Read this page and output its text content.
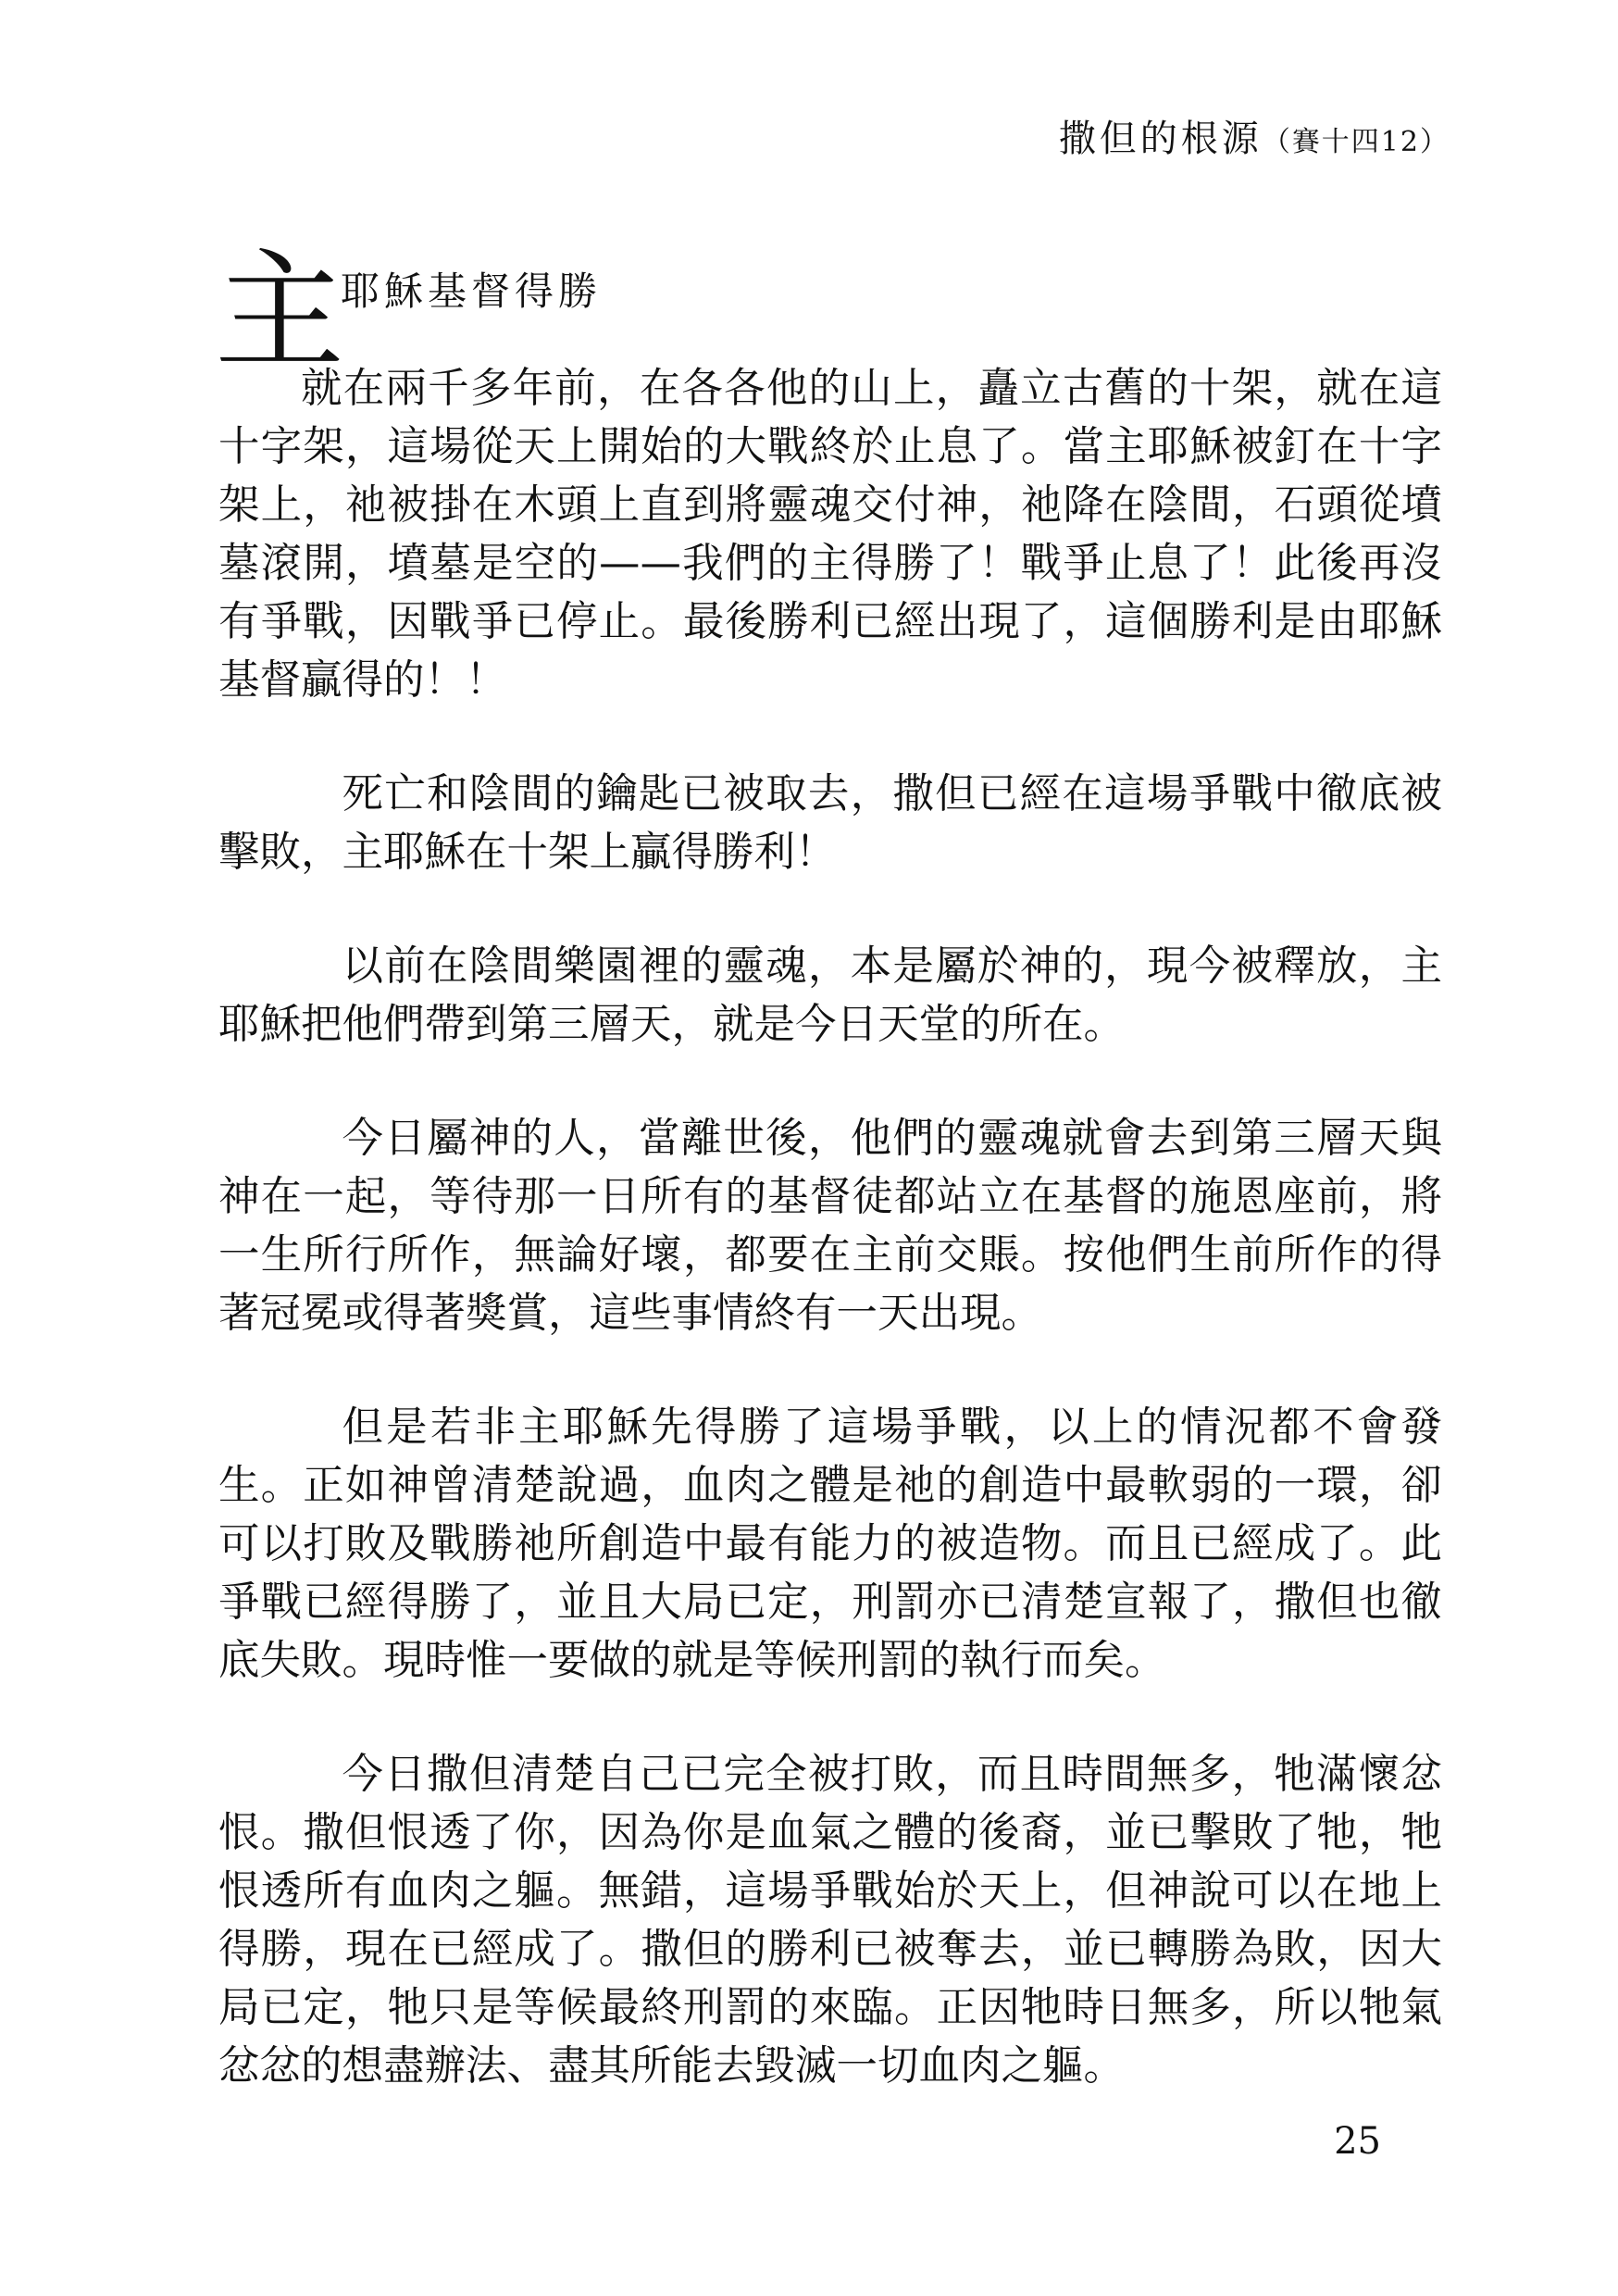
撒但的根源（賽十四12）
主
耶穌基督得勝

就在兩千多年前，在各各他的山上，矗立古舊的十架，就在這十字架，這場從天上開始的大戰終於止息了。當主耶穌被釘在十字架上，祂被掛在木頭上直到將靈魂交付神，祂降在陰間，石頭從墳墓滾開，墳墓是空的——我們的主得勝了！戰爭止息了！此後再沒有爭戰，因戰爭已停止。最後勝利已經出現了，這個勝利是由耶穌基督贏得的！！

死亡和陰間的鑰匙已被取去，撒但已經在這場爭戰中徹底被擊敗，主耶穌在十架上贏得勝利！

以前在陰間樂園裡的靈魂，本是屬於神的，現今被釋放，主耶穌把他們帶到第三層天，就是今日天堂的所在。

今日屬神的人，當離世後，他們的靈魂就會去到第三層天與神在一起，等待那一日所有的基督徒都站立在基督的施恩座前，將一生所行所作，無論好壞，都要在主前交賬。按他們生前所作的得著冠冕或得著獎賞，這些事情終有一天出現。

但是若非主耶穌先得勝了這場爭戰，以上的情況都不會發生。正如神曾清楚說過，血肉之體是祂的創造中最軟弱的一環，卻可以打敗及戰勝祂所創造中最有能力的被造物。而且已經成了。此爭戰已經得勝了，並且大局已定，刑罰亦已清楚宣報了，撒但也徹底失敗。現時惟一要做的就是等候刑罰的執行而矣。

今日撒但清楚自己已完全被打敗，而且時間無多，牠滿懷忿恨。撒但恨透了你，因為你是血氣之體的後裔，並已擊敗了牠，牠恨透所有血肉之軀。無錯，這場爭戰始於天上，但神說可以在地上得勝，現在已經成了。撒但的勝利已被奪去，並已轉勝為敗，因大局已定，牠只是等候最終刑罰的來臨。正因牠時日無多，所以牠氣忿忿的想盡辦法、盡其所能去毀滅一切血肉之軀。

25
